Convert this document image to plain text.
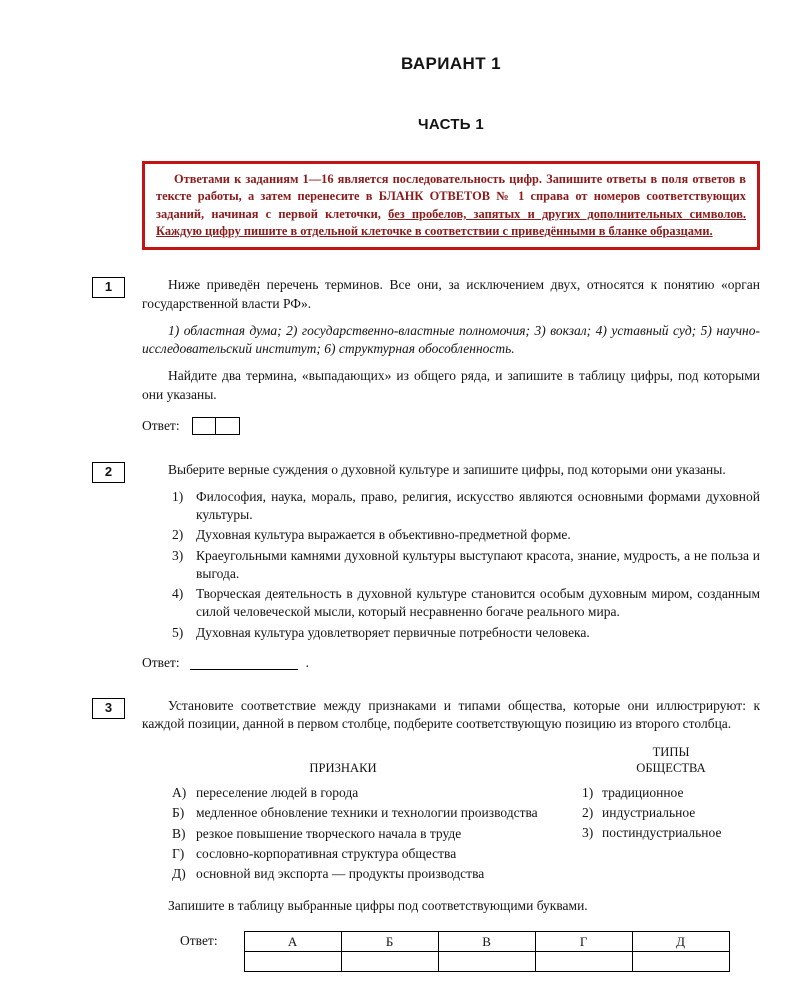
ВАРИАНТ 1
ЧАСТЬ 1
Ответами к заданиям 1—16 является последовательность цифр. Запишите ответы в поля ответов в тексте работы, а затем перенесите в БЛАНК ОТВЕТОВ № 1 справа от номеров соответствующих заданий, начиная с первой клеточки, без пробелов, запятых и других дополнительных символов. Каждую цифру пишите в отдельной клеточке в соответствии с приведёнными в бланке образцами.
1	Ниже приведён перечень терминов. Все они, за исключением двух, относятся к понятию «орган государственной власти РФ».

1) областная дума; 2) государственно-властные полномочия; 3) вокзал; 4) уставный суд; 5) научно-исследовательский институт; 6) структурная обособленность.

Найдите два термина, «выпадающих» из общего ряда, и запишите в таблицу цифры, под которыми они указаны.

Ответ:
2	Выберите верные суждения о духовной культуре и запишите цифры, под которыми они указаны.

1) Философия, наука, мораль, право, религия, искусство являются основными формами духовной культуры.
2) Духовная культура выражается в объективно-предметной форме.
3) Краеугольными камнями духовной культуры выступают красота, знание, мудрость, а не польза и выгода.
4) Творческая деятельность в духовной культуре становится особым духовным миром, созданным силой человеческой мысли, который несравненно богаче реального мира.
5) Духовная культура удовлетворяет первичные потребности человека.
Ответ:	.
3	Установите соответствие между признаками и типами общества, которые они иллюстрируют: к каждой позиции, данной в первом столбце, подберите соответствующую позицию из второго столбца.

ПРИЗНАКИ
А) переселение людей в города
Б) медленное обновление техники и технологии производства
В) резкое повышение творческого начала в труде
Г) сословно-корпоративная структура общества
Д) основной вид экспорта — продукты производства
ТИПЫ
ОБЩЕСТВА
1) традиционное
2) индустриальное
3) постиндустриальное

Запишите в таблицу выбранные цифры под соответствующими буквами.

Ответ:	А	Б	В	Г	Д
